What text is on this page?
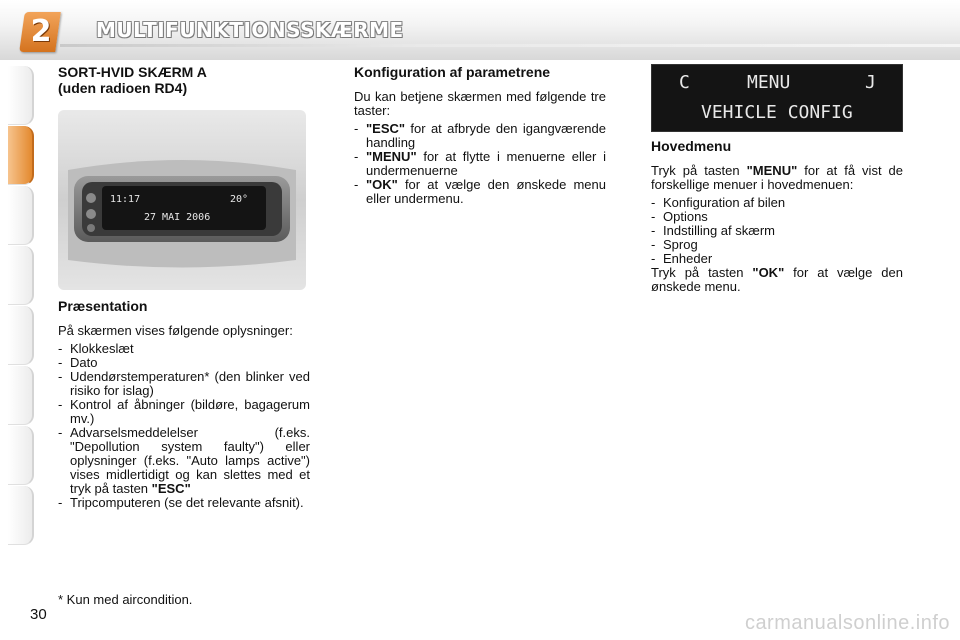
2 MULTIFUNKTIONSSKÆRME
SORT-HVID SKÆRM A
(uden radioen RD4)
11:17	20°
27 MAI 2006
Præsentation

På skærmen vises følgende oplysninger:

- Klokkeslæt
- Dato
- Udendørstemperaturen* (den blinker ved risiko for islag)
- Kontrol af åbninger (bildøre, bagagerum mv.)
- Advarselsmeddelelser (f.eks. "Depollution system faulty") eller oplysninger (f.eks. "Auto lamps active") vises midlertidigt og kan slettes med et tryk på tasten "ESC"
- Tripcomputeren (se det relevante afsnit).
Konfiguration af parametrene

Du kan betjene skærmen med følgende tre taster:

- "ESC" for at afbryde den igangværende handling
- "MENU" for at flytte i menuerne eller i undermenuerne
- "OK" for at vælge den ønskede menu eller undermenu.
C	MENU	J
VEHICLE CONFIG
Hovedmenu

Tryk på tasten "MENU" for at få vist de forskellige menuer i hovedmenuen:

- Konfiguration af bilen
- Options
- Indstilling af skærm
- Sprog
- Enheder

Tryk på tasten "OK" for at vælge den ønskede menu.

* Kun med aircondition.
30	carmanualsonline.info
